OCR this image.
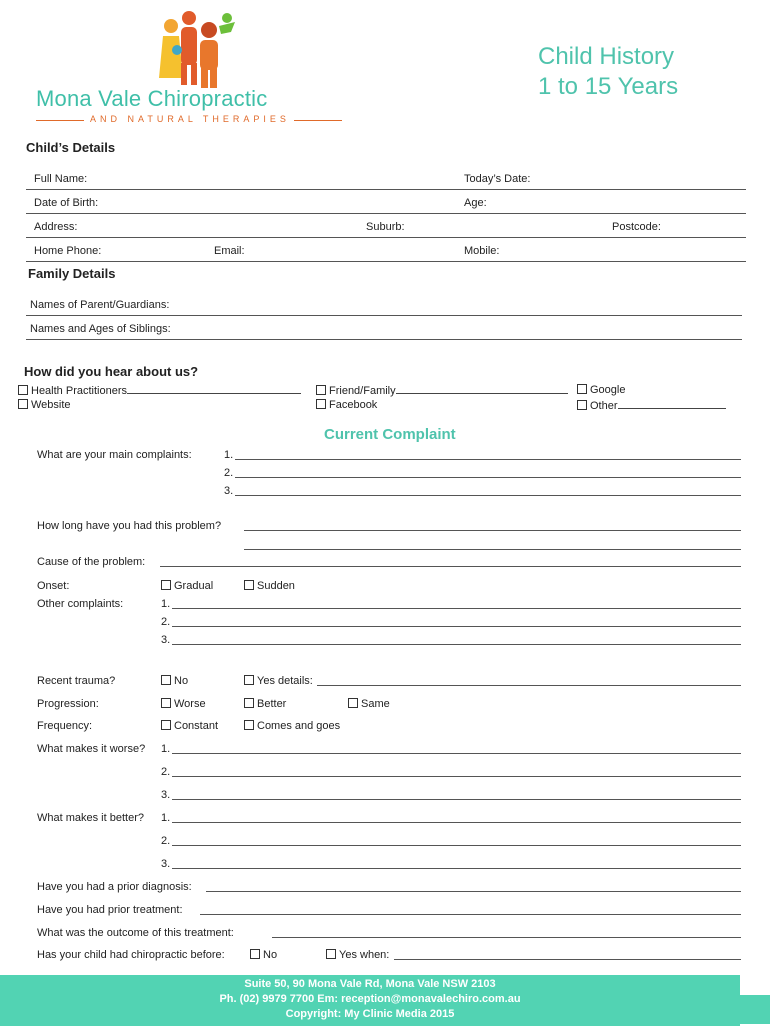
Mona Vale Chiropractic
AND NATURAL THERAPIES
Child History
1 to 15 Years
Child’s Details
Full Name:	Today’s Date:
Date of Birth:	Age:
Address:	Suburb:	Postcode:
Home Phone:	Email:	Mobile:
Family Details
Names of Parent/Guardians:
Names and Ages of Siblings:
How did you hear about us?
Health Practitioners	Friend/Family	Google
Website	Facebook	Other
Current Complaint
What are your main complaints:	1.
2.
3.
How long have you had this problem?
Cause of the problem:
Onset:	Gradual	Sudden
Other complaints:	1.
2.
3.
Recent trauma?	No	Yes details:
Progression:	Worse	Better	Same
Frequency:	Constant	Comes and goes
What makes it worse? 1.
2.
3.
What makes it better? 1.
2.
3.
Have you had a prior diagnosis:
Have you had prior treatment:
What was the outcome of this treatment:
Has your child had chiropractic before:	No	Yes when:
Suite 50, 90 Mona Vale Rd, Mona Vale NSW 2103
Ph. (02) 9979 7700 Em: reception@monavalechiro.com.au
Copyright: My Clinic Media 2015
